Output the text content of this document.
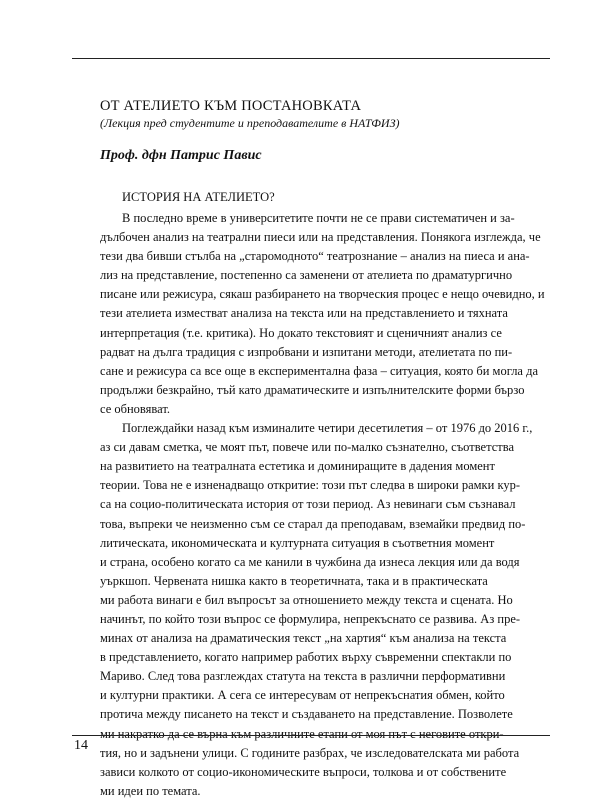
ОТ АТЕЛИЕТО КЪМ ПОСТАНОВКАТА
(Лекция пред студентите и преподавателите в НАТФИЗ)
Проф. дфн Патрис Павис
ИСТОРИЯ НА АТЕЛИЕТО?
В последно време в университетите почти не се прави систематичен и за-
дълбочен анализ на театрални пиеси или на представления. Понякога изглежда, че
тези два бивши стълба на „старомодното“ театрознание – анализ на пиеса и ана-
лиз на представление, постепенно са заменени от ателиета по драматургично
писане или режисура, сякаш разбирането на творческия процес е нещо очевидно, и
тези ателиета изместват анализа на текста или на представлението и тяхната
интерпретация (т.е. критика). Но докато текстовият и сценичният анализ се
радват на дълга традиция с изпробвани и изпитани методи, ателиетата по пи-
сане и режисура са все още в експериментална фаза – ситуация, която би могла да
продължи безкрайно, тъй като драматическите и изпълнителските форми бързо
се обновяват.
Поглеждайки назад към изминалите четири десетилетия – от 1976 до 2016 г.,
аз си давам сметка, че моят път, повече или по-малко съзнателно, съответства
на развитието на театралната естетика и доминиращите в дадения момент
теории. Това не е изненадващо откритие: този път следва в широки рамки кур-
са на социо-политическата история от този период. Аз невинаги съм съзнавал
това, въпреки че неизменно съм се старал да преподавам, вземайки предвид по-
литическата, икономическата и културната ситуация в съответния момент
и страна, особено когато са ме канили в чужбина да изнеса лекция или да водя
уъркшоп. Червената нишка както в теоретичната, така и в практическата
ми работа винаги е бил въпросът за отношението между текста и сцената. Но
начинът, по който този въпрос се формулира, непрекъснато се развива. Аз пре-
минах от анализа на драматическия текст „на хартия“ към анализа на текста
в представлението, когато например работих върху съвременни спектакли по
Мариво. След това разглеждах статута на текста в различни перформативни
и културни практики. А сега се интересувам от непрекъснатия обмен, който
протича между писането на текст и създаването на представление. Позволете
ми накратко да се върна към различните етапи от моя път с неговите откри-
тия, но и задънени улици. С годините разбрах, че изследователската ми работа
зависи колкото от социо-икономическите въпроси, толкова и от собствените
ми идеи по темата.
14
